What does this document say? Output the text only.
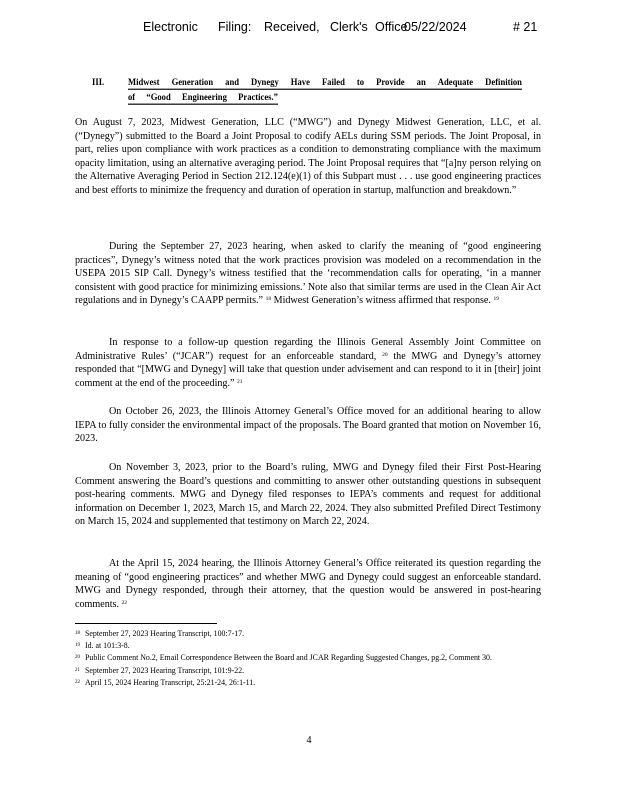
Electronic Filing: Received, Clerk's Office
05/22/2024	# 21
III.	Midwest Generation and Dynegy Have Failed to Provide an Adequate Definition
of “Good Engineering Practices.”

On August 7, 2023, Midwest Generation, LLC (“MWG”) and Dynegy Midwest Generation, LLC, et al. (“Dynegy”) submitted to the Board a Joint Proposal to codify AELs during SSM periods. The Joint Proposal, in part, relies upon compliance with work practices as a condition to demonstrating compliance with the maximum opacity limitation, using an alternative averaging period. The Joint Proposal requires that “[a]ny person relying on the Alternative Averaging Period in Section 212.124(e)(1) of this Subpart must . . . use good engineering practices and best efforts to minimize the frequency and duration of operation in startup, malfunction and breakdown.”

During the September 27, 2023 hearing, when asked to clarify the meaning of “good engineering practices”, Dynegy’s witness noted that the work practices provision was modeled on a recommendation in the USEPA 2015 SIP Call. Dynegy’s witness testified that the ‘recommendation calls for operating, ‘in a manner consistent with good practice for minimizing emissions.’ Note also that similar terms are used in the Clean Air Act regulations and in Dynegy’s CAAPP permits.” $^{18}$ Midwest Generation’s witness affirmed that response. $^{19}$

In response to a follow-up question regarding the Illinois General Assembly Joint Committee on Administrative Rules’ (“JCAR”) request for an enforceable standard, $^{20}$ the MWG and Dynegy’s attorney responded that “[MWG and Dynegy] will take that question under advisement and can respond to it in [their] joint comment at the end of the proceeding.” $^{21}$

On October 26, 2023, the Illinois Attorney General’s Office moved for an additional hearing to allow IEPA to fully consider the environmental impact of the proposals. The Board granted that motion on November 16, 2023.

On November 3, 2023, prior to the Board’s ruling, MWG and Dynegy filed their First Post-Hearing Comment answering the Board’s questions and committing to answer other outstanding questions in subsequent post-hearing comments. MWG and Dynegy filed responses to IEPA’s comments and request for additional information on December 1, 2023, March 15, and March 22, 2024. They also submitted Prefiled Direct Testimony on March 15, 2024 and supplemented that testimony on March 22, 2024.

At the April 15, 2024 hearing, the Illinois Attorney General’s Office reiterated its question regarding the meaning of “good engineering practices” and whether MWG and Dynegy could suggest an enforceable standard. MWG and Dynegy responded, through their attorney, that the question would be answered in post-hearing comments. $^{22}$

$^{18}$ September 27, 2023 Hearing Transcript, 100:7-17.
$^{19}$ Id. at 101:3-8.
$^{20}$ Public Comment No.2, Email Correspondence Between the Board and JCAR Regarding Suggested Changes, pg.2, Comment 30.
$^{21}$ September 27, 2023 Hearing Transcript, 101:9-22.
$^{22}$ April 15, 2024 Hearing Transcript, 25:21-24, 26:1-11.
4
